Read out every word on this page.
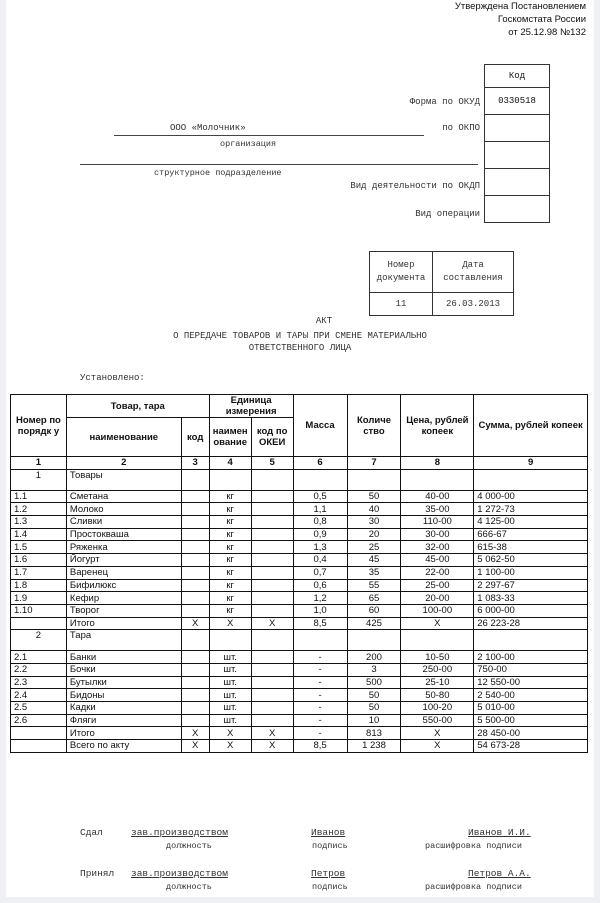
Утверждена Постановлением
Госкомстата России
от 25.12.98 №132
Код
0330518

Форма по ОКУД
ООО «Молочник»
организация
по ОКПО
структурное подразделение
Вид деятельности по ОКДП
Вид операции
Номер документа	Дата составления
11	26.03.2013
АКТ
О ПЕРЕДАЧЕ ТОВАРОВ И ТАРЫ ПРИ СМЕНЕ МАТЕРИАЛЬНО
ОТВЕТСТВЕННОГО ЛИЦА
Установлено:
Номер по порядк у	Товар, тара		Единица измерения		Масса	Количе ство	Цена, рублей копеек	Сумма, рублей копеек
	наименование	код	наимен ование	код по ОКЕИ				
1	2	3	4	5	6	7	8	9
1	Товары							
1.1	Сметана		кг		0,5	50	40-00	4 000-00
1.2	Молоко		кг		1,1	40	35-00	1 272-73
1.3	Сливки		кг		0,8	30	110-00	4 125-00
1.4	Простокваша		кг		0,9	20	30-00	666-67
1.5	Ряженка		кг		1,3	25	32-00	615-38
1.6	Йогурт		кг		0,4	45	45-00	5 062-50
1.7	Варенец		кг		0,7	35	22-00	1 100-00
1.8	Бифилюкс		кг		0,6	55	25-00	2 297-67
1.9	Кефир		кг		1,2	65	20-00	1 083-33
1.10	Творог		кг		1,0	60	100-00	6 000-00
	Итого	X	X	X	8,5	425	X	26 223-28
2	Тара							
2.1	Банки		шт.		-	200	10-50	2 100-00
2.2	Бочки		шт.		-	3	250-00	750-00
2.3	Бутылки		шт.		-	500	25-10	12 550-00
2.4	Бидоны		шт.		-	50	50-80	2 540-00
2.5	Кадки		шт.		-	50	100-20	5 010-00
2.6	Фляги		шт.		-	10	550-00	5 500-00
	Итого	X	X	X	-	813	X	28 450-00
	Всего по акту	X	X	X	8,5	1 238	X	54 673-28
Сдал	зав.производством
должность
Иванов
подпись
Иванов И.И.
расшифровка подписи
Принял зав.производством
должность
Петров
подпись
Петров А.А.
расшифровка подписи
